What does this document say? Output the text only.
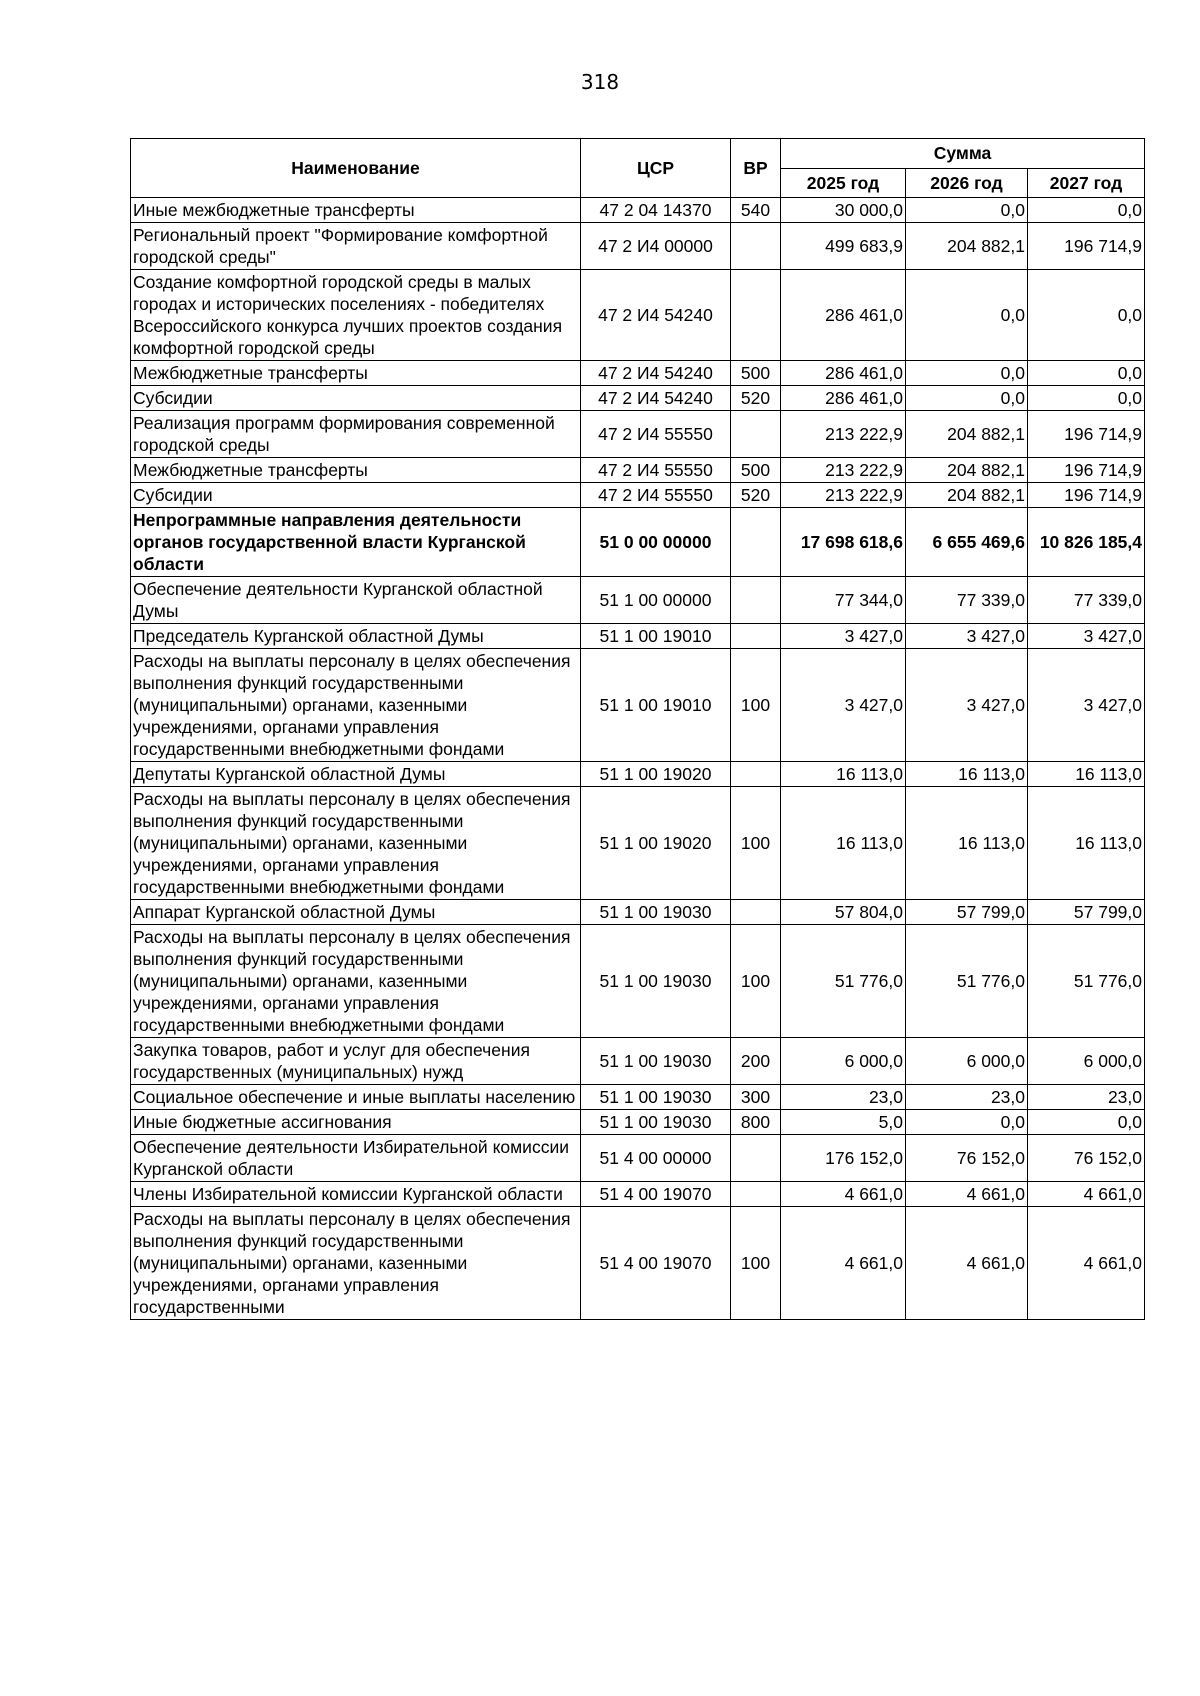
318
Наименование	ЦСР	ВР	Сумма		
			2025 год	2026 год	2027 год
Иные межбюджетные трансферты	47 2 04 14370	540	30 000,0	0,0	0,0
Региональный проект "Формирование комфортной городской среды"	47 2 И4 00000		499 683,9	204 882,1	196 714,9
Создание комфортной городской среды в малых городах и исторических поселениях - победителях Всероссийского конкурса лучших проектов создания комфортной городской среды	47 2 И4 54240		286 461,0	0,0	0,0
Межбюджетные трансферты	47 2 И4 54240	500	286 461,0	0,0	0,0
Субсидии	47 2 И4 54240	520	286 461,0	0,0	0,0
Реализация программ формирования современной городской среды	47 2 И4 55550		213 222,9	204 882,1	196 714,9
Межбюджетные трансферты	47 2 И4 55550	500	213 222,9	204 882,1	196 714,9
Субсидии	47 2 И4 55550	520	213 222,9	204 882,1	196 714,9
Непрограммные направления деятельности органов государственной власти Курганской области	51 0 00 00000		17 698 618,6	6 655 469,6	10 826 185,4
Обеспечение деятельности Курганской областной Думы	51 1 00 00000		77 344,0	77 339,0	77 339,0
Председатель Курганской областной Думы	51 1 00 19010		3 427,0	3 427,0	3 427,0
Расходы на выплаты персоналу в целях обеспечения выполнения функций государственными (муниципальными) органами, казенными учреждениями, органами управления государственными внебюджетными фондами	51 1 00 19010	100	3 427,0	3 427,0	3 427,0
Депутаты Курганской областной Думы	51 1 00 19020		16 113,0	16 113,0	16 113,0
Расходы на выплаты персоналу в целях обеспечения выполнения функций государственными (муниципальными) органами, казенными учреждениями, органами управления государственными внебюджетными фондами	51 1 00 19020	100	16 113,0	16 113,0	16 113,0
Аппарат Курганской областной Думы	51 1 00 19030		57 804,0	57 799,0	57 799,0
Расходы на выплаты персоналу в целях обеспечения выполнения функций государственными (муниципальными) органами, казенными учреждениями, органами управления государственными внебюджетными фондами	51 1 00 19030	100	51 776,0	51 776,0	51 776,0
Закупка товаров, работ и услуг для обеспечения государственных (муниципальных) нужд	51 1 00 19030	200	6 000,0	6 000,0	6 000,0
Социальное обеспечение и иные выплаты населению	51 1 00 19030	300	23,0	23,0	23,0
Иные бюджетные ассигнования	51 1 00 19030	800	5,0	0,0	0,0
Обеспечение деятельности Избирательной комиссии Курганской области	51 4 00 00000		176 152,0	76 152,0	76 152,0
Члены Избирательной комиссии Курганской области	51 4 00 19070		4 661,0	4 661,0	4 661,0
Расходы на выплаты персоналу в целях обеспечения выполнения функций государственными (муниципальными) органами, казенными учреждениями, органами управления государственными	51 4 00 19070	100	4 661,0	4 661,0	4 661,0
